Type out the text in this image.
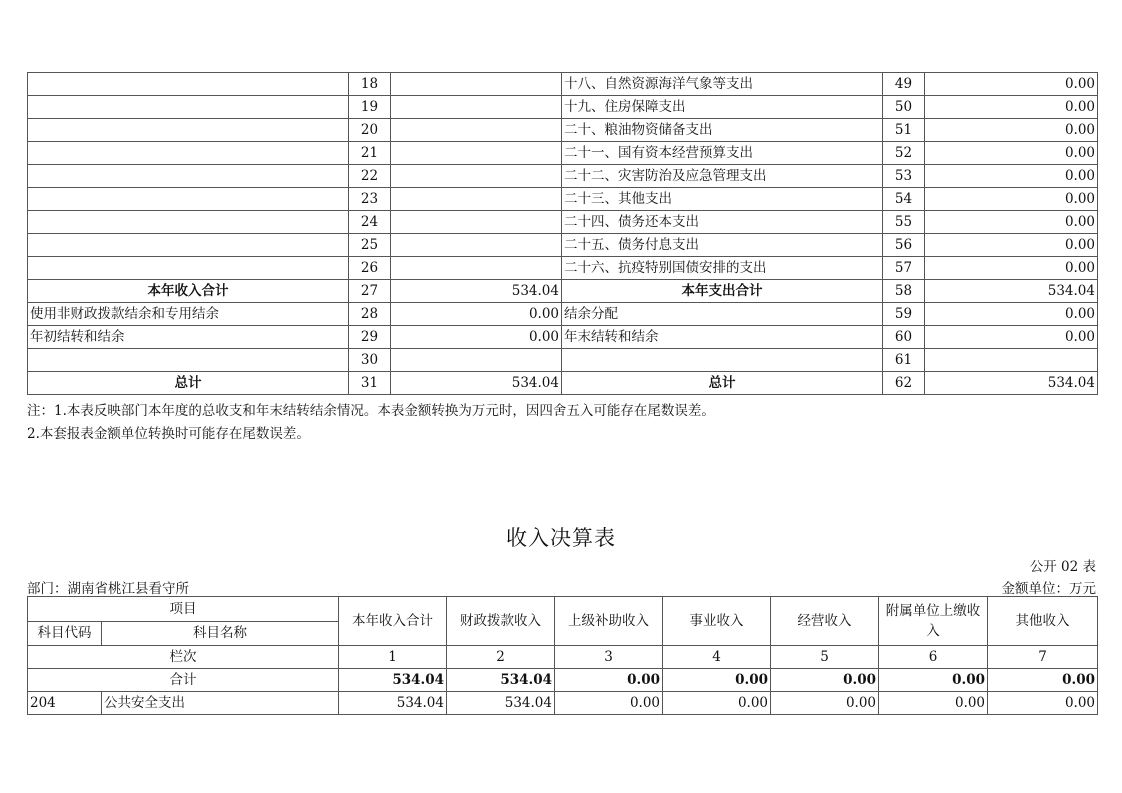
	18		十八、自然资源海洋气象等支出	49	0.00
	19		十九、住房保障支出	50	0.00
	20		二十、粮油物资储备支出	51	0.00
	21		二十一、国有资本经营预算支出	52	0.00
	22		二十二、灾害防治及应急管理支出	53	0.00
	23		二十三、其他支出	54	0.00
	24		二十四、债务还本支出	55	0.00
	25		二十五、债务付息支出	56	0.00
	26		二十六、抗疫特别国债安排的支出	57	0.00
本年收入合计	27	534.04	本年支出合计	58	534.04
使用非财政拨款结余和专用结余	28	0.00	结余分配	59	0.00
年初结转和结余	29	0.00	年末结转和结余	60	0.00
	30			61	
总计	31	534.04	总计	62	534.04
注：1.本表反映部门本年度的总收支和年末结转结余情况。本表金额转换为万元时，因四舍五入可能存在尾数误差。
2.本套报表金额单位转换时可能存在尾数误差。
收入决算表
公开 02 表
部门：湖南省桃江县看守所	金额单位：万元
项目		本年收入合计	财政拨款收入	上级补助收入	事业收入	经营收入	附属单位上缴收入	其他收入
科目代码	科目名称							
栏次		1	2	3	4	5	6	7
合计		534.04	534.04	0.00	0.00	0.00	0.00	0.00
204	公共安全支出	534.04	534.04	0.00	0.00	0.00	0.00	0.00
